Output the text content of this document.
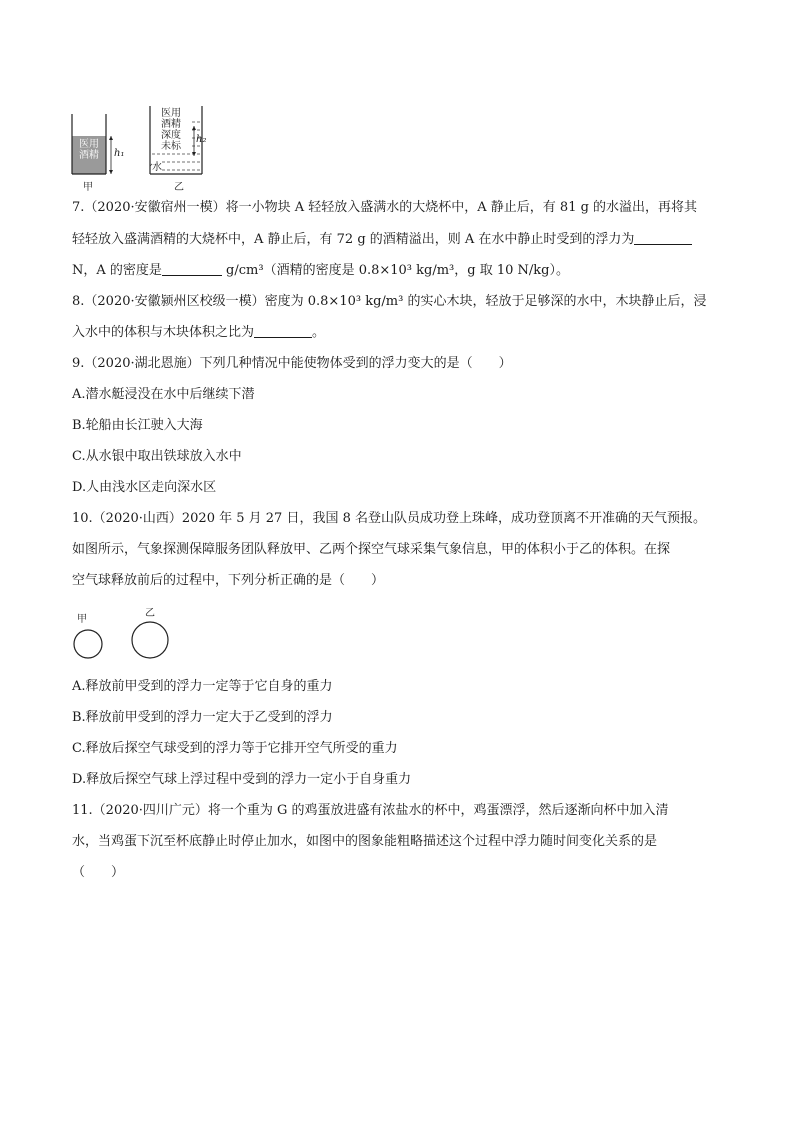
医用
酒精	h₁
甲
医用
酒精
深度
未标
h₂
水
乙
7.（2020·安徽宿州一模）将一小物块 A 轻轻放入盛满水的大烧杯中，A 静止后，有 81 g 的水溢出，再将其
轻轻放入盛满酒精的大烧杯中，A 静止后，有 72 g 的酒精溢出，则 A 在水中静止时受到的浮力为
N，A 的密度是	g/cm³（酒精的密度是 0.8×10³ kg/m³，g 取 10 N/kg）。
8.（2020·安徽颍州区校级一模）密度为 0.8×10³ kg/m³ 的实心木块，轻放于足够深的水中，木块静止后，浸
入水中的体积与木块体积之比为	。
9.（2020·湖北恩施）下列几种情况中能使物体受到的浮力变大的是（　　）
A.潜水艇浸没在水中后继续下潜
B.轮船由长江驶入大海
C.从水银中取出铁球放入水中
D.人由浅水区走向深水区
10.（2020·山西）2020 年 5 月 27 日，我国 8 名登山队员成功登上珠峰，成功登顶离不开准确的天气预报。
如图所示，气象探测保障服务团队释放甲、乙两个探空气球采集气象信息，甲的体积小于乙的体积。在探
空气球释放前后的过程中，下列分析正确的是（　　）
甲
乙
A.释放前甲受到的浮力一定等于它自身的重力
B.释放前甲受到的浮力一定大于乙受到的浮力
C.释放后探空气球受到的浮力等于它排开空气所受的重力
D.释放后探空气球上浮过程中受到的浮力一定小于自身重力
11.（2020·四川广元）将一个重为 G 的鸡蛋放进盛有浓盐水的杯中，鸡蛋漂浮，然后逐渐向杯中加入清
水，当鸡蛋下沉至杯底静止时停止加水，如图中的图象能粗略描述这个过程中浮力随时间变化关系的是
（　　）
